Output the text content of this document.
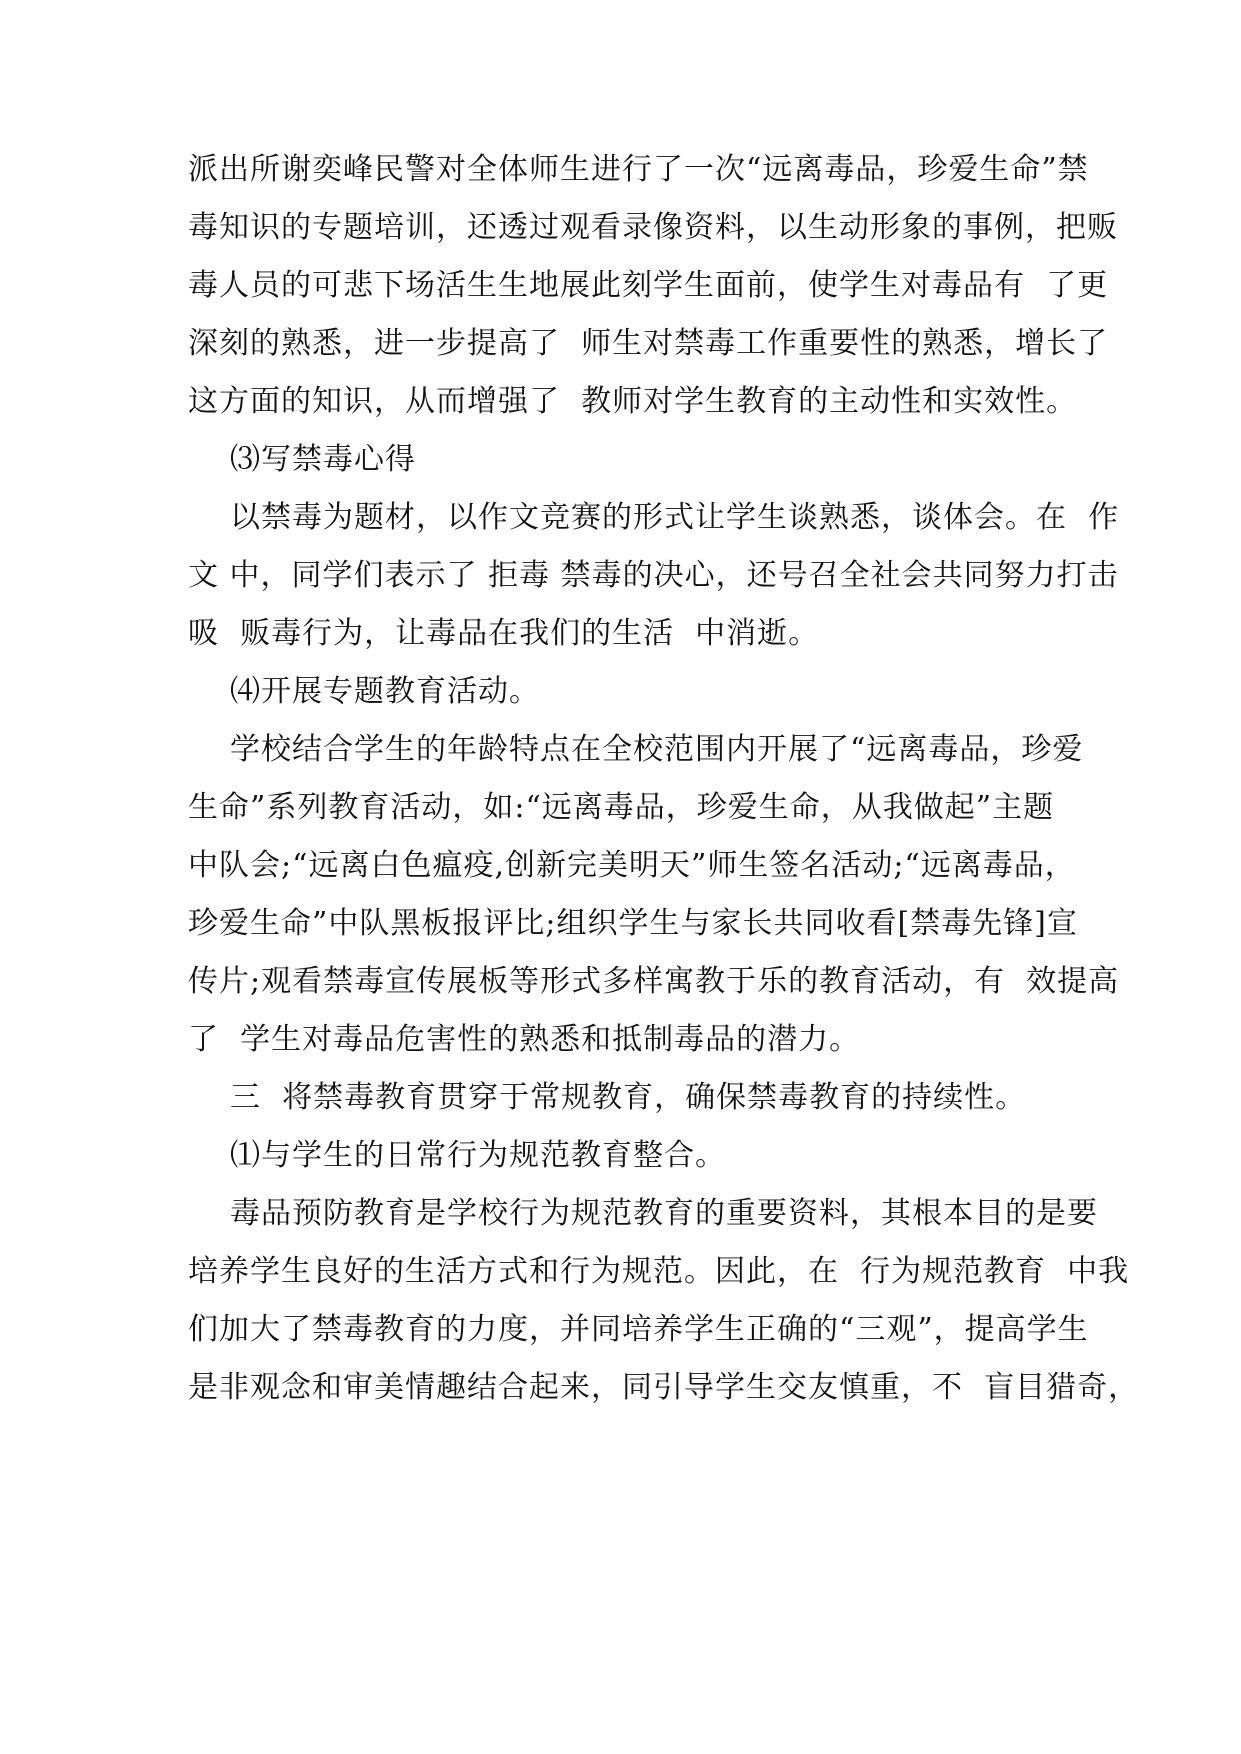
派出所谢奕峰民警对全体师生进行了一次“远离毒品，珍爱生命”禁
毒知识的专题培训，还透过观看录像资料，以生动形象的事例，把贩
毒人员的可悲下场活生生地展此刻学生面前，使学生对毒品有  了更
深刻的熟悉，进一步提高了  师生对禁毒工作重要性的熟悉，增长了
这方面的知识，从而增强了  教师对学生教育的主动性和实效性。
⑶写禁毒心得
以禁毒为题材，以作文竞赛的形式让学生谈熟悉，谈体会。在  作
文 中，同学们表示了 拒毒 禁毒的决心，还号召全社会共同努力打击
吸  贩毒行为，让毒品在我们的生活  中消逝。
⑷开展专题教育活动。
学校结合学生的年龄特点在全校范围内开展了“远离毒品，珍爱
生命”系列教育活动，如:“远离毒品，珍爱生命，从我做起”主题
中队会;“远离白色瘟疫,创新完美明天”师生签名活动;“远离毒品，
珍爱生命”中队黑板报评比;组织学生与家长共同收看[禁毒先锋]宣
传片;观看禁毒宣传展板等形式多样寓教于乐的教育活动，有  效提高
了  学生对毒品危害性的熟悉和抵制毒品的潜力。
三  将禁毒教育贯穿于常规教育，确保禁毒教育的持续性。
⑴与学生的日常行为规范教育整合。
毒品预防教育是学校行为规范教育的重要资料，其根本目的是要
培养学生良好的生活方式和行为规范。因此，在  行为规范教育  中我
们加大了禁毒教育的力度，并同培养学生正确的“三观”，提高学生
是非观念和审美情趣结合起来，同引导学生交友慎重，不  盲目猎奇，
